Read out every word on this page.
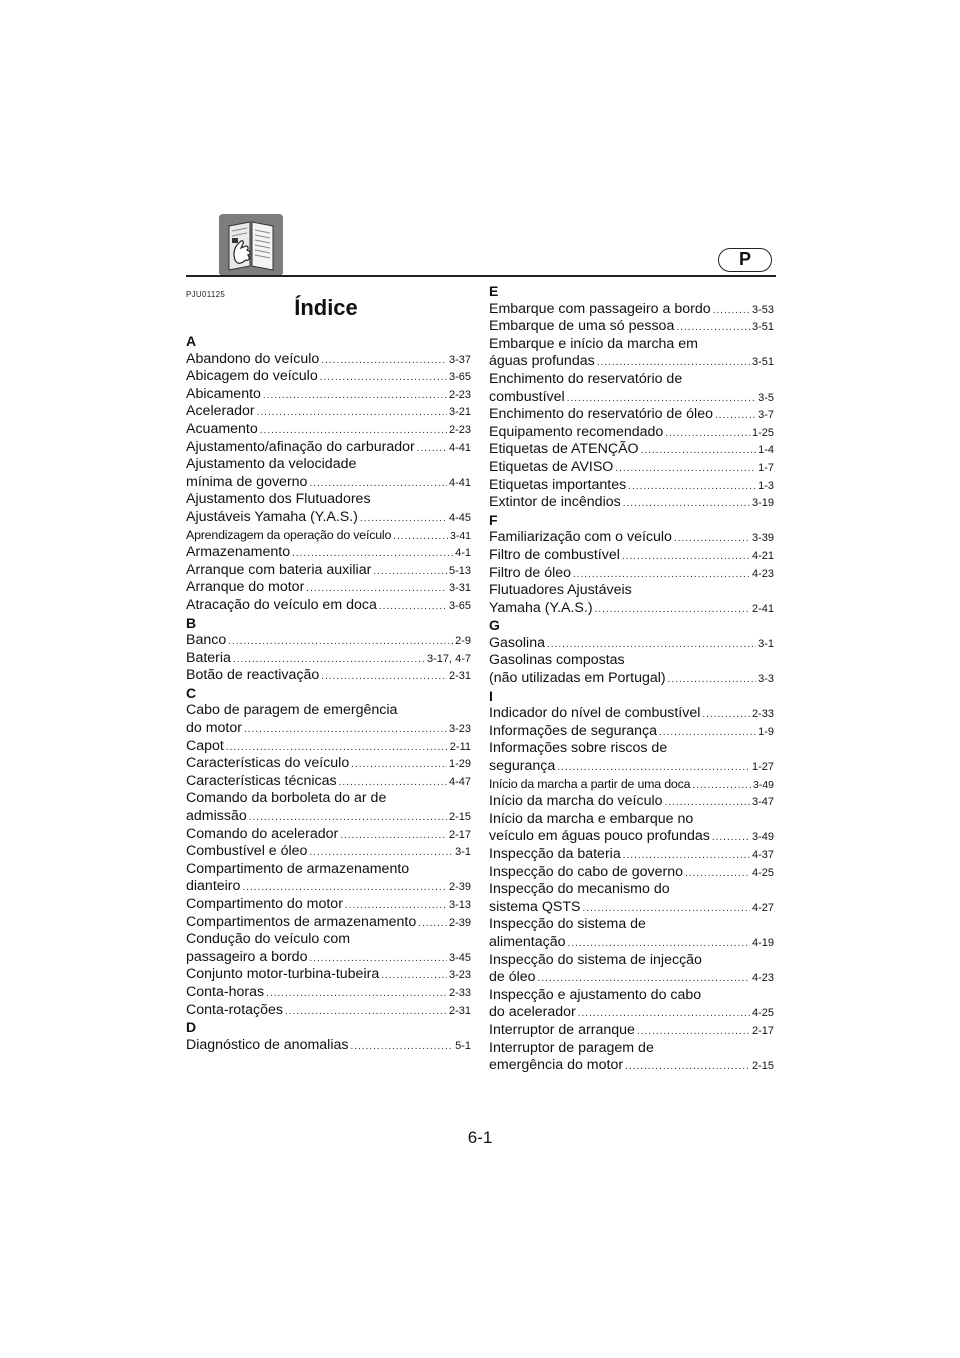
P
PJU01125
Índice
A
Abandono do veículo .....	3-37
Abicagem do veículo .....	3-65
Abicamento .....	2-23
Acelerador .....	3-21
Acuamento .....	2-23
Ajustamento/afinação do carburador .....	4-41
Ajustamento da velocidade
mínima de governo .....	4-41
Ajustamento dos Flutuadores
Ajustáveis Yamaha (Y.A.S.) .....	4-45
Aprendizagem da operação do veículo .....	3-41
Armazenamento .....	4-1
Arranque com bateria auxiliar .....	5-13
Arranque do motor .....	3-31
Atracação do veículo em doca .....	3-65
B
Banco .....	2-9
Bateria .....	3-17, 4-7
Botão de reactivação .....	2-31
C
Cabo de paragem de emergência
do motor .....	3-23
Capot .....	2-11
Características do veículo .....	1-29
Características técnicas .....	4-47
Comando da borboleta do ar de
admissão .....	2-15
Comando do acelerador .....	2-17
Combustível e óleo .....	3-1
Compartimento de armazenamento
dianteiro .....	2-39
Compartimento do motor .....	3-13
Compartimentos de armazenamento .....	2-39
Condução do veículo com
passageiro a bordo .....	3-45
Conjunto motor-turbina-tubeira .....	3-23
Conta-horas .....	2-33
Conta-rotações .....	2-31
D
Diagnóstico de anomalias .....	5-1
E
Embarque com passageiro a bordo .....	3-53
Embarque de uma só pessoa .....	3-51
Embarque e início da marcha em
águas profundas .....	3-51
Enchimento do reservatório de
combustível .....	3-5
Enchimento do reservatório de óleo .....	3-7
Equipamento recomendado .....	1-25
Etiquetas de ATENÇÃO .....	1-4
Etiquetas de AVISO .....	1-7
Etiquetas importantes .....	1-3
Extintor de incêndios .....	3-19
F
Familiarização com o veículo .....	3-39
Filtro de combustível .....	4-21
Filtro de óleo .....	4-23
Flutuadores Ajustáveis
Yamaha (Y.A.S.) .....	2-41
G
Gasolina .....	3-1
Gasolinas compostas
(não utilizadas em Portugal) .....	3-3
I
Indicador do nível de combustível .....	2-33
Informações de segurança .....	1-9
Informações sobre riscos de
segurança .....	1-27
Início da marcha a partir de uma doca .....	3-49
Início da marcha do veículo .....	3-47
Início da marcha e embarque no
veículo em águas pouco profundas .....	3-49
Inspecção da bateria .....	4-37
Inspecção do cabo de governo .....	4-25
Inspecção do mecanismo do
sistema QSTS .....	4-27
Inspecção do sistema de
alimentação .....	4-19
Inspecção do sistema de injecção
de óleo .....	4-23
Inspecção e ajustamento do cabo
do acelerador .....	4-25
Interruptor de arranque .....	2-17
Interruptor de paragem de
emergência do motor .....	2-15
6-1
